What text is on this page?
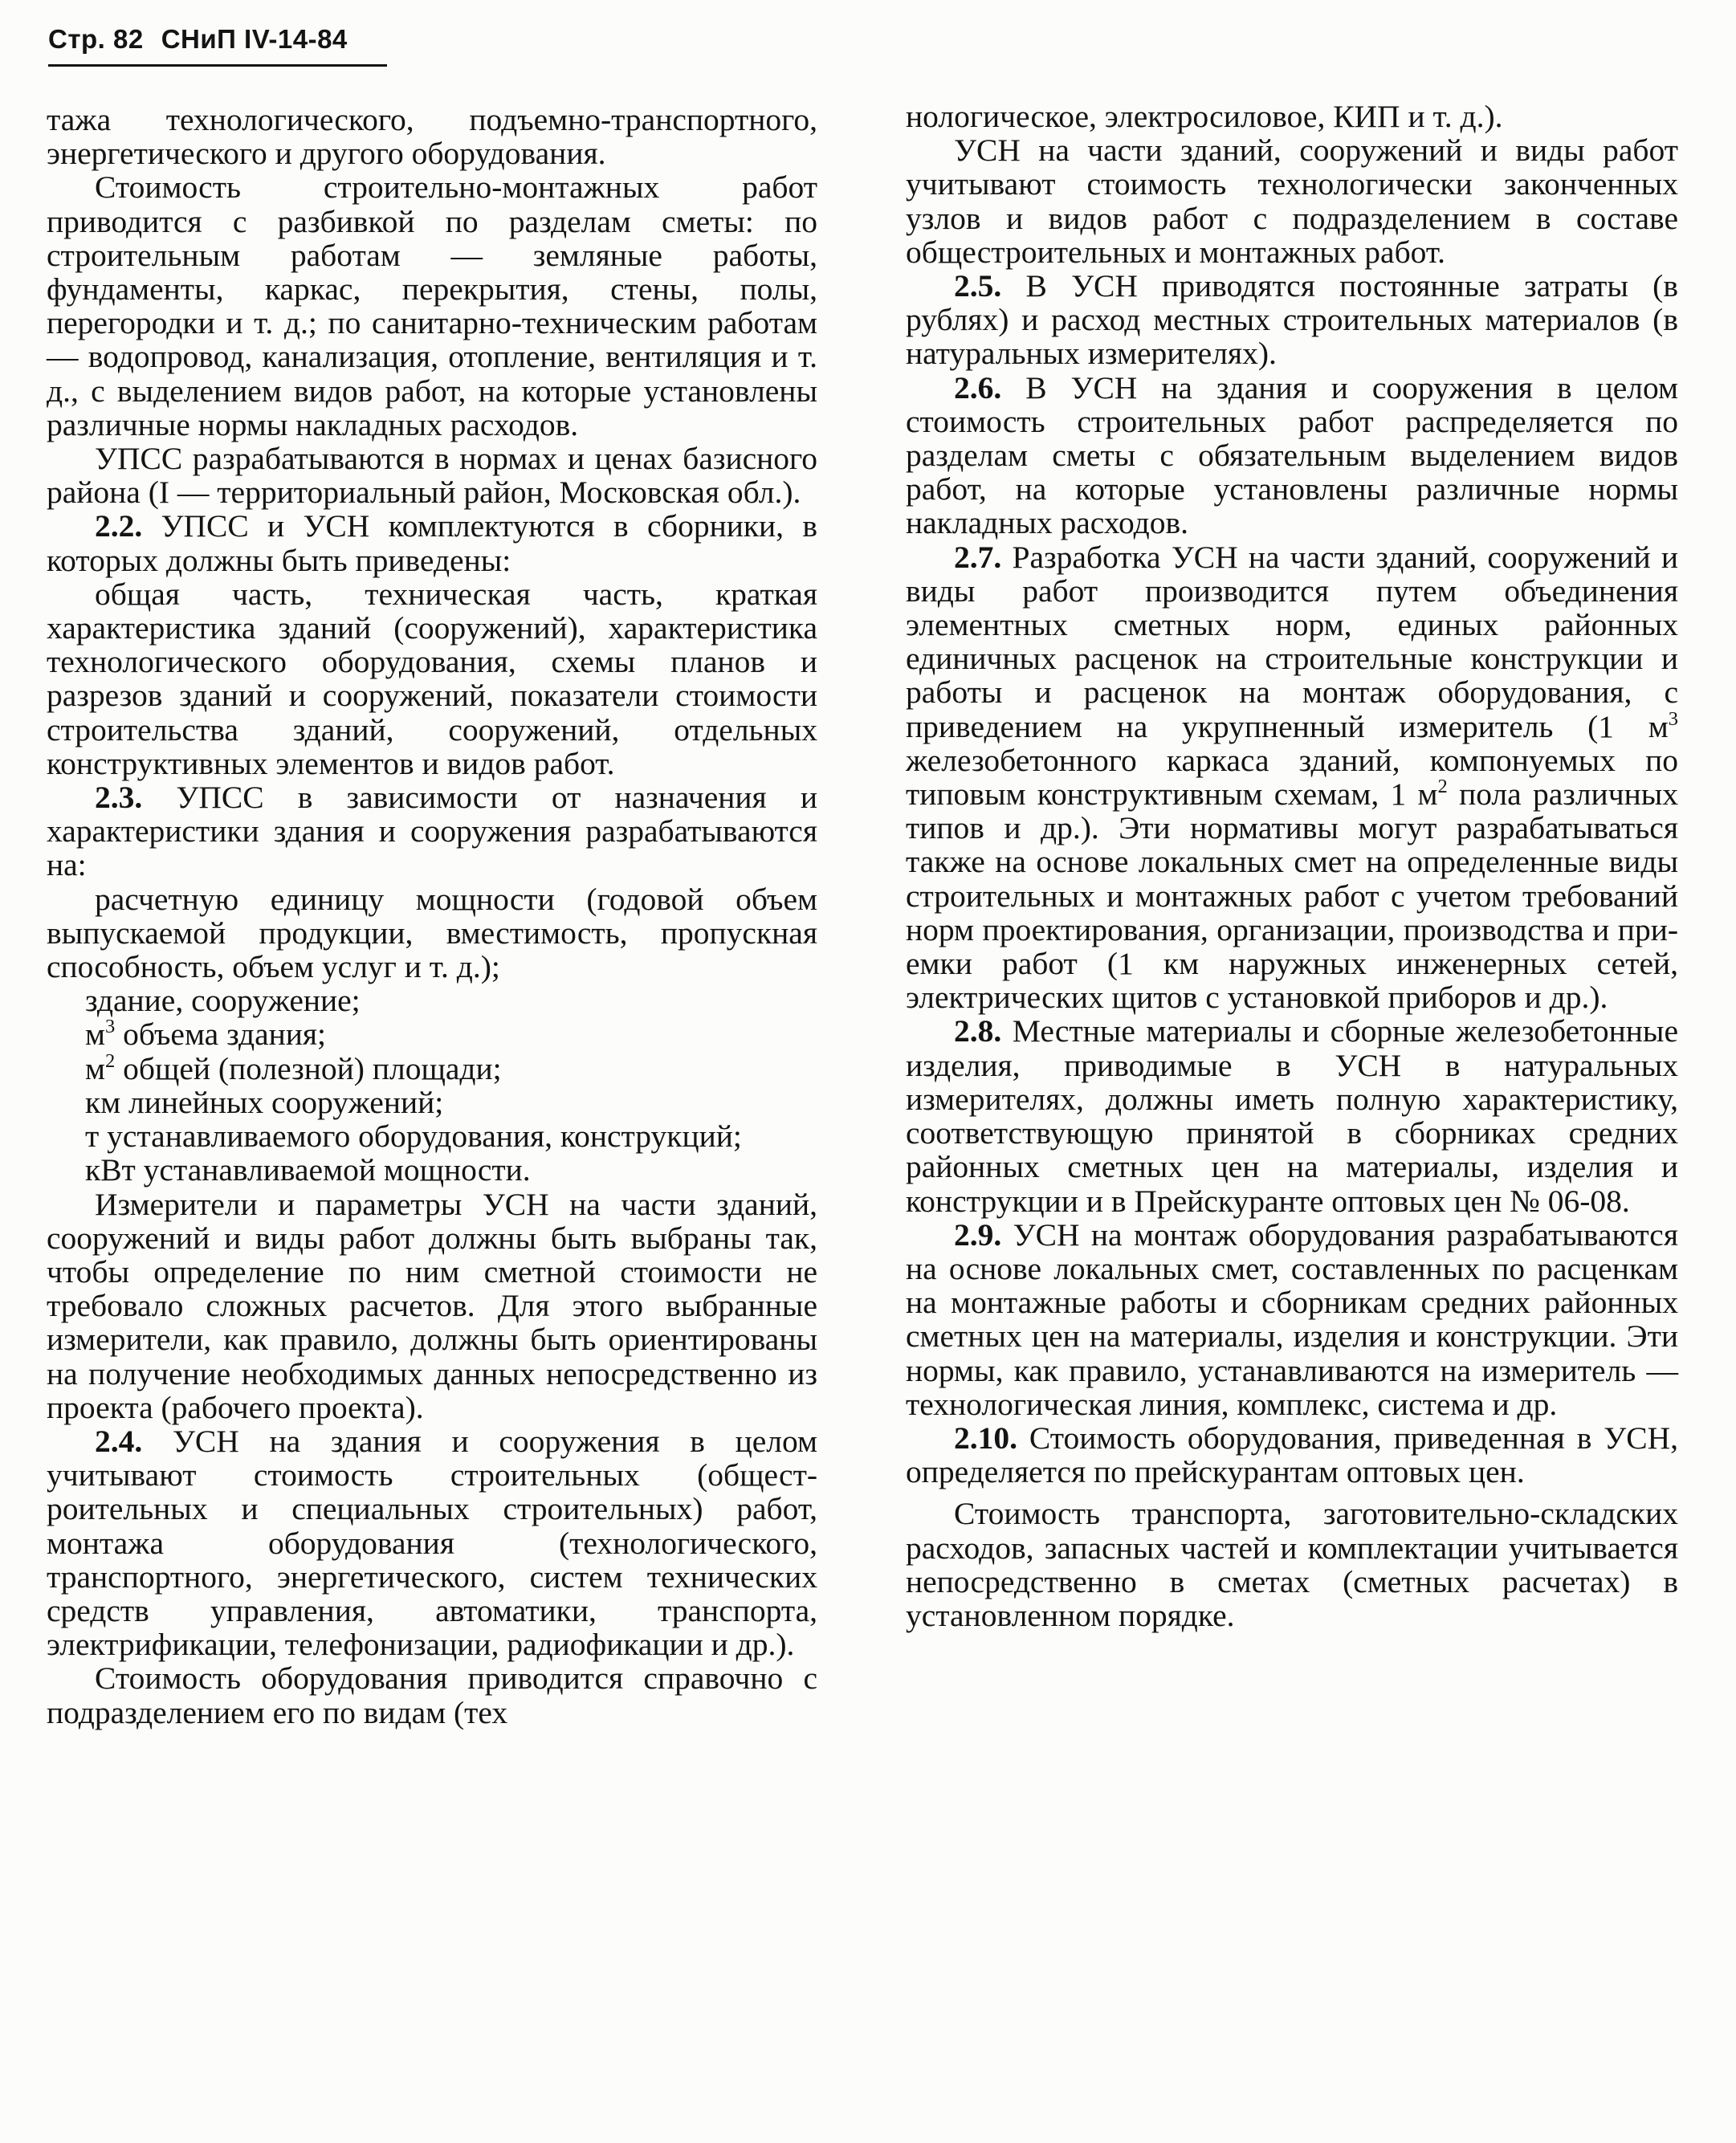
Стр. 82 СНиП IV-14-84

тажа технологического, подъемно-транспортного, энергетического и другого оборудования.

Стоимость строительно-монтажных работ приводится с разбивкой по разделам сметы: по строительным работам — земляные работы, фундаменты, каркас, перекрытия, стены, полы, перегородки и т. д.; по санитарно-техническим работам — водопровод, канализация, отопление, вентиляция и т. д., с выделением видов работ, на которые установлены различные нормы накладных расходов.

УПСС разрабатываются в нормах и ценах базисного района (I — территориальный район, Московская обл.).

2.2. УПСС и УСН комплектуются в сборники, в которых должны быть приведены:

общая часть, техническая часть, краткая характеристика зданий (сооружений), характеристика технологического оборудования, схемы планов и разрезов зданий и сооружений, показатели стоимости строительства зданий, сооружений, отдельных конструктивных элементов и видов работ.

2.3. УПСС в зависимости от назначения и характеристики здания и сооружения разрабатываются на:

расчетную единицу мощности (годовой объем выпускаемой продукции, вместимость, пропускная способность, объем услуг и т. д.);

здание, сооружение;

$м^3$ объема здания;

$м^2$ общей (полезной) площади;

км линейных сооружений;

т устанавливаемого оборудования, конструкций;

кВт устанавливаемой мощности.

Измерители и параметры УСН на части зданий, сооружений и виды работ должны быть выбраны так, чтобы определение по ним сметной стоимости не требовало сложных расчетов. Для этого выбранные измерители, как правило, должны быть ориентированы на получение необходимых данных непосредственно из проекта (рабочего проекта).

2.4. УСН на здания и сооружения в целом учитывают стоимость строительных (общестроительных и специальных строительных) работ, монтажа оборудования (технологического, транспортного, энергетического, систем технических средств управления, автоматики, транспорта, электрификации, телефонизации, радиофикации и др.).

Стоимость оборудования приводится справочно с подразделением его по видам (тех

нологическое, электросиловое, КИП и т. д.).

УСН на части зданий, сооружений и виды работ учитывают стоимость технологически законченных узлов и видов работ с подразделением в составе общестроительных и монтажных работ.

2.5. В УСН приводятся постоянные затраты (в рублях) и расход местных строительных материалов (в натуральных измерителях).

2.6. В УСН на здания и сооружения в целом стоимость строительных работ распределяется по разделам сметы с обязательным выделением видов работ, на которые установлены различные нормы накладных расходов.

2.7. Разработка УСН на части зданий, сооружений и виды работ производится путем объединения элементных сметных норм, единых районных единичных расценок на строительные конструкции и работы и расценок на монтаж оборудования, с приведением на укрупненный измеритель (1 $м^3$ железобетонного каркаса зданий, компонуемых по типовым конструктивным схемам, 1 $м^2$ пола различных типов и др.). Эти нормативы могут разрабатываться также на основе локальных смет на определенные виды строительных и монтажных работ с учетом требований норм проектирования, организации, производства и приемки работ (1 км наружных инженерных сетей, электрических щитов с установкой приборов и др.).

2.8. Местные материалы и сборные железобетонные изделия, приводимые в УСН в натуральных измерителях, должны иметь полную характеристику, соответствующую принятой в сборниках средних районных сметных цен на материалы, изделия и конструкции и в Прейскуранте оптовых цен № 06-08.

2.9. УСН на монтаж оборудования разрабатываются на основе локальных смет, составленных по расценкам на монтажные работы и сборникам средних районных сметных цен на материалы, изделия и конструкции. Эти нормы, как правило, устанавливаются на измеритель — технологическая линия, комплекс, система и др.

2.10. Стоимость оборудования, приведенная в УСН, определяется по прейскурантам оптовых цен.

Стоимость транспорта, заготовительно-складских расходов, запасных частей и комплектации учитывается непосредственно в сметах (сметных расчетах) в установленном порядке.
